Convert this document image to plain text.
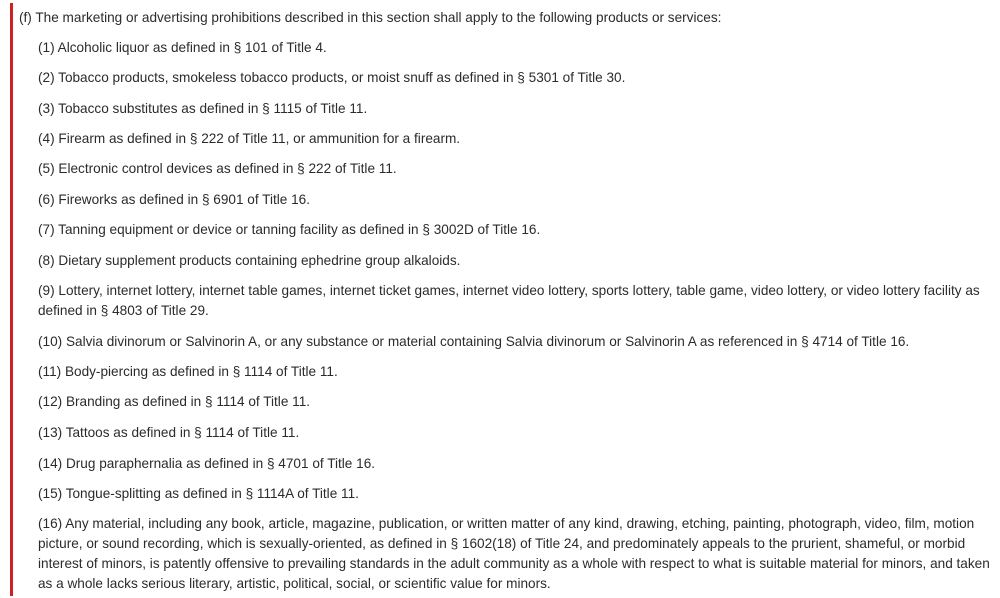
(f) The marketing or advertising prohibitions described in this section shall apply to the following products or services:

(1) Alcoholic liquor as defined in § 101 of Title 4.

(2) Tobacco products, smokeless tobacco products, or moist snuff as defined in § 5301 of Title 30.

(3) Tobacco substitutes as defined in § 1115 of Title 11.

(4) Firearm as defined in § 222 of Title 11, or ammunition for a firearm.

(5) Electronic control devices as defined in § 222 of Title 11.

(6) Fireworks as defined in § 6901 of Title 16.

(7) Tanning equipment or device or tanning facility as defined in § 3002D of Title 16.

(8) Dietary supplement products containing ephedrine group alkaloids.

(9) Lottery, internet lottery, internet table games, internet ticket games, internet video lottery, sports lottery, table game, video lottery, or video lottery facility as defined in § 4803 of Title 29.

(10) Salvia divinorum or Salvinorin A, or any substance or material containing Salvia divinorum or Salvinorin A as referenced in § 4714 of Title 16.

(11) Body-piercing as defined in § 1114 of Title 11.

(12) Branding as defined in § 1114 of Title 11.

(13) Tattoos as defined in § 1114 of Title 11.

(14) Drug paraphernalia as defined in § 4701 of Title 16.

(15) Tongue-splitting as defined in § 1114A of Title 11.

(16) Any material, including any book, article, magazine, publication, or written matter of any kind, drawing, etching, painting, photograph, video, film, motion picture, or sound recording, which is sexually-oriented, as defined in § 1602(18) of Title 24, and predominately appeals to the prurient, shameful, or morbid interest of minors, is patently offensive to prevailing standards in the adult community as a whole with respect to what is suitable material for minors, and taken as a whole lacks serious literary, artistic, political, social, or scientific value for minors.
